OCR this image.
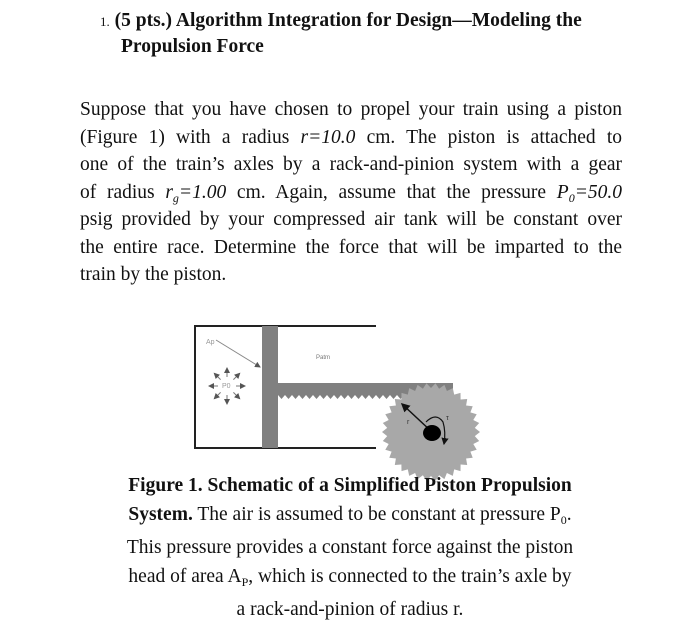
1. (5 pts.) Algorithm Integration for Design—Modeling the
Propulsion Force
Suppose that you have chosen to propel your train using a piston
(Figure 1) with a radius r=10.0 cm. The piston is attached to
one of the train’s axles by a rack-and-pinion system with a gear
of radius $r_g=1.00$ cm. Again, assume that the pressure $P_0=50.0$
psig provided by your compressed air tank will be constant over
the entire race. Determine the force that will be imparted to the
train by the piston.
r
τ
Ap
P0
Patm
Figure 1. Schematic of a Simplified Piston Propulsion
System. The air is assumed to be constant at pressure $P_0$.
This pressure provides a constant force against the piston
head of area $A_P$, which is connected to the train’s axle by
a rack-and-pinion of radius r.
